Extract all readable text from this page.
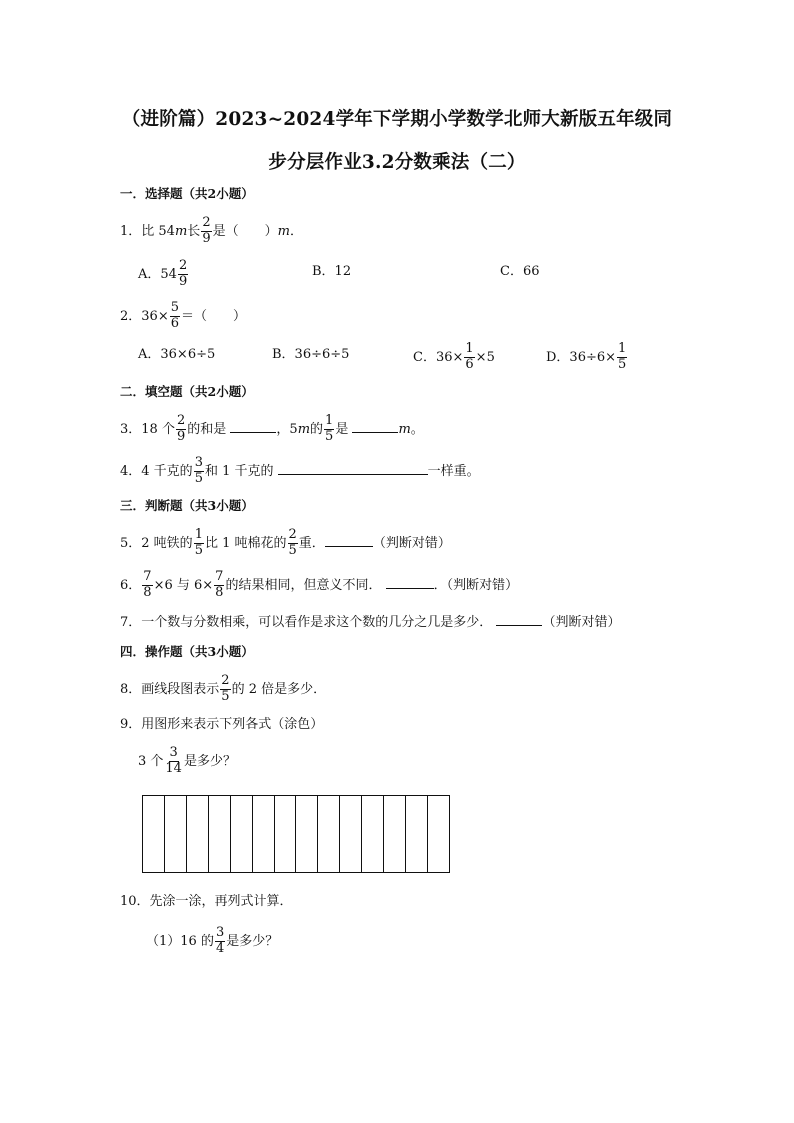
（进阶篇）2023~2024学年下学期小学数学北师大新版五年级同
步分层作业3.2分数乘法（二）
一．选择题（共2小题）
1．比 54m长 $\frac{2}{9}$ 是（　　）m．
A．$54 \frac{2}{9}$	B．12	C．66
2．$36\times \frac{5}{6}$ ＝（　　）
A．36×6÷5	B．36÷6÷5	C．$36\times \frac{1}{6} \times 5$	D．$36\div 6\times \frac{1}{5}$
二．填空题（共2小题）
3．18 个 $\frac{2}{9}$ 的和是	，5m的 $\frac{1}{5}$ 是	m。
4．4 千克的 $\frac{3}{5}$ 和 1 千克的	一样重。
三．判断题（共3小题）
5．2 吨铁的 $\frac{1}{5}$ 比 1 吨棉花的 $\frac{2}{5}$ 重．	（判断对错）
6． $\frac{7}{8} \times 6$ 与 $6\times \frac{7}{8}$ 的结果相同，但意义不同．	．（判断对错）
7．一个数与分数相乘，可以看作是求这个数的几分之几是多少．	（判断对错）
四．操作题（共3小题）
8．画线段图表示 $\frac{2}{5}$ 的 2 倍是多少．
9．用图形来表示下列各式（涂色）
3 个 $\frac{3}{14}$ 是多少？
10．先涂一涂，再列式计算．
（1）16 的 $\frac{3}{4}$ 是多少？
